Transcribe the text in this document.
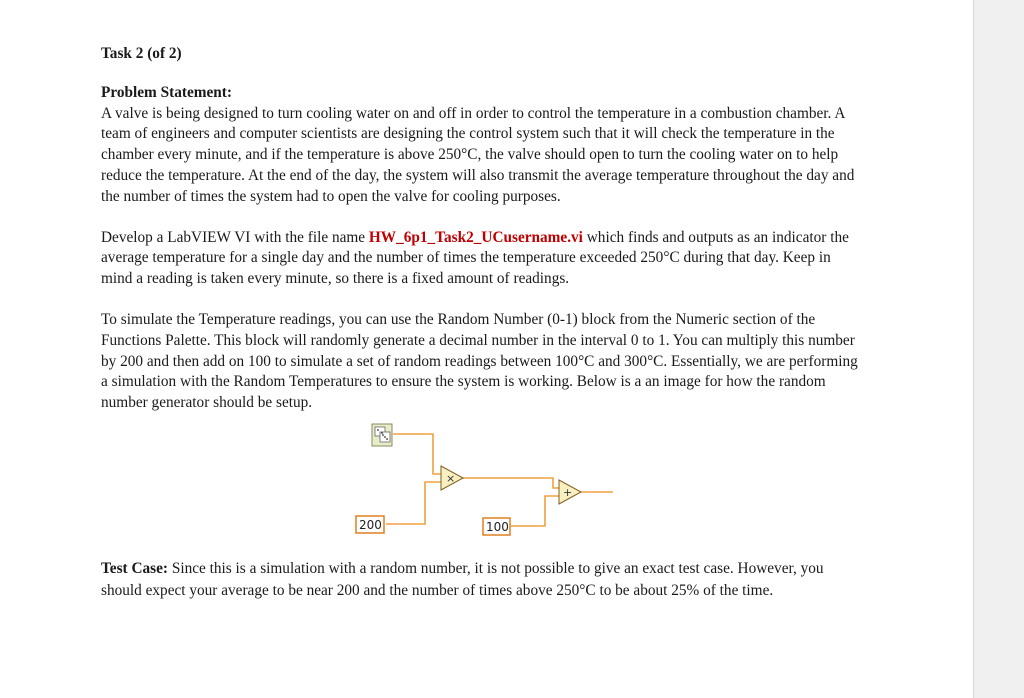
Task 2 (of 2)
Problem Statement:

A valve is being designed to turn cooling water on and off in order to control the temperature in a combustion chamber. A team of engineers and computer scientists are designing the control system such that it will check the temperature in the chamber every minute, and if the temperature is above 250°C, the valve should open to turn the cooling water on to help reduce the temperature. At the end of the day, the system will also transmit the average temperature throughout the day and the number of times the system had to open the valve for cooling purposes.

Develop a LabVIEW VI with the file name HW_6p1_Task2_UCusername.vi which finds and outputs as an indicator the average temperature for a single day and the number of times the temperature exceeded 250°C during that day. Keep in mind a reading is taken every minute, so there is a fixed amount of readings.

To simulate the Temperature readings, you can use the Random Number (0-1) block from the Numeric section of the Functions Palette. This block will randomly generate a decimal number in the interval 0 to 1. You can multiply this number by 200 and then add on 100 to simulate a set of random readings between 100°C and 300°C. Essentially, we are performing a simulation with the Random Temperatures to ensure the system is working. Below is a an image for how the random number generator should be setup.

×
+
200	100
Test Case: Since this is a simulation with a random number, it is not possible to give an exact test case. However, you should expect your average to be near 200 and the number of times above 250°C to be about 25% of the time.
